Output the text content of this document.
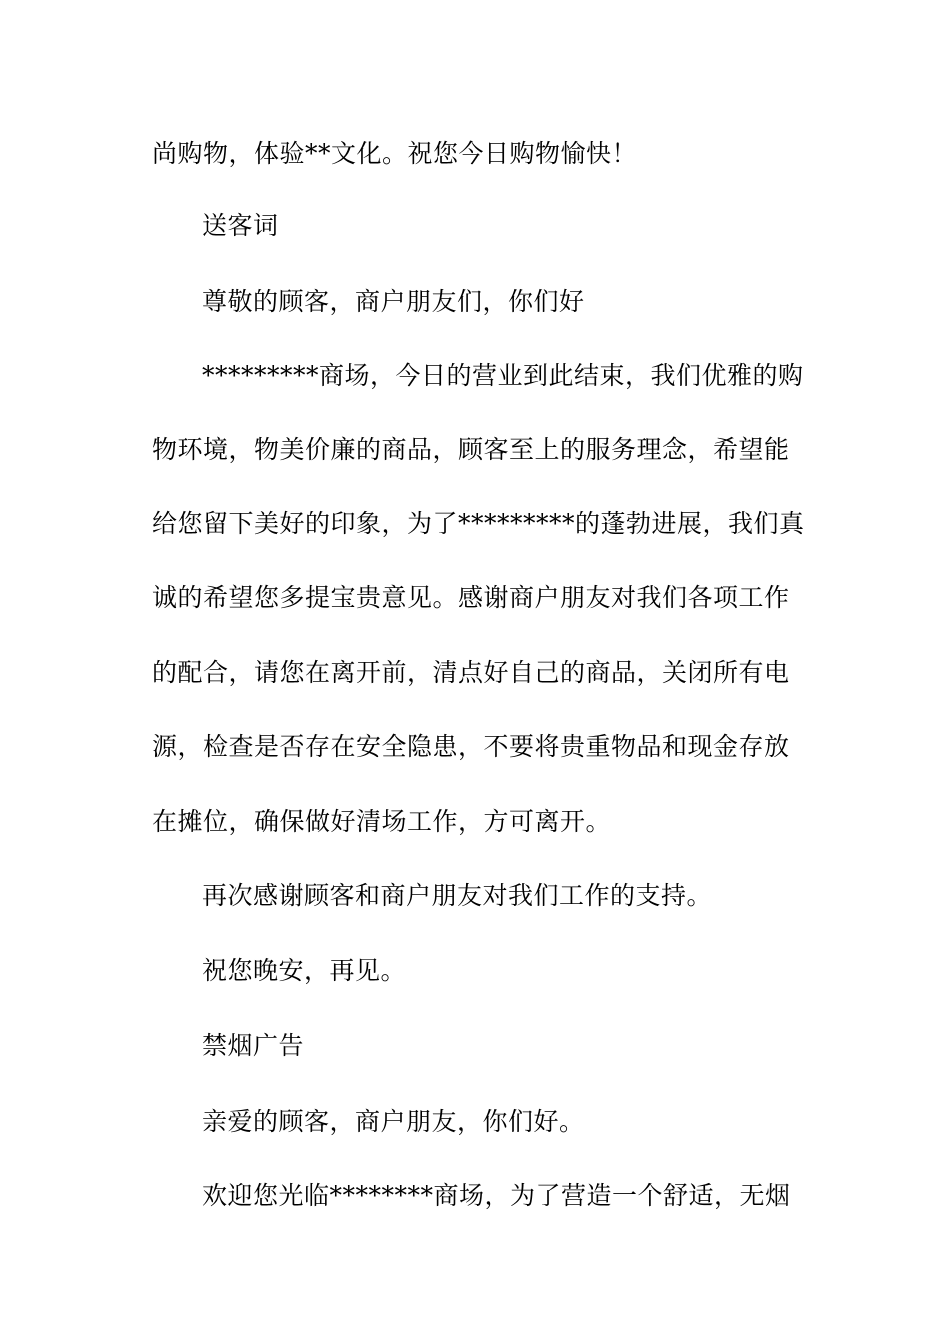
尚购物，体验**文化。祝您今日购物愉快！

送客词

尊敬的顾客，商户朋友们，你们好

*********商场，今日的营业到此结束，我们优雅的购

物环境，物美价廉的商品，顾客至上的服务理念，希望能

给您留下美好的印象，为了*********的蓬勃进展，我们真

诚的希望您多提宝贵意见。感谢商户朋友对我们各项工作

的配合，请您在离开前，清点好自己的商品，关闭所有电

源，检查是否存在安全隐患，不要将贵重物品和现金存放

在摊位，确保做好清场工作，方可离开。

再次感谢顾客和商户朋友对我们工作的支持。

祝您晚安，再见。

禁烟广告

亲爱的顾客，商户朋友，你们好。

欢迎您光临********商场，为了营造一个舒适，无烟
